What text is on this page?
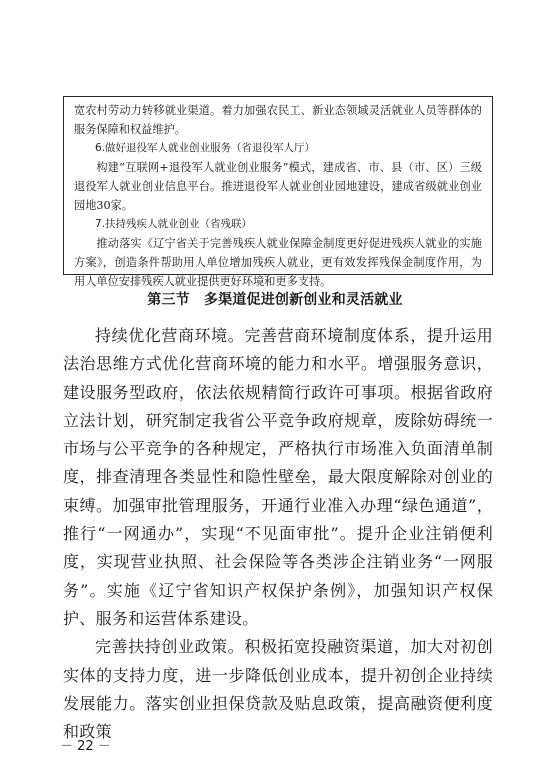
宽农村劳动力转移就业渠道。着力加强农民工、新业态领域灵活就业人员等群体的服务保障和权益维护。

6.做好退役军人就业创业服务（省退役军人厅）

构建“互联网+退役军人就业创业服务”模式，建成省、市、县（市、区）三级退役军人就业创业信息平台。推进退役军人就业创业园地建设，建成省级就业创业园地30家。

7.扶持残疾人就业创业（省残联）

推动落实《辽宁省关于完善残疾人就业保障金制度更好促进残疾人就业的实施方案》，创造条件帮助用人单位增加残疾人就业，更有效发挥残保金制度作用，为用人单位安排残疾人就业提供更好环境和更多支持。

第三节 多渠道促进创新创业和灵活就业

持续优化营商环境。完善营商环境制度体系，提升运用法治思维方式优化营商环境的能力和水平。增强服务意识，建设服务型政府，依法依规精简行政许可事项。根据省政府立法计划，研究制定我省公平竞争政府规章，废除妨碍统一市场与公平竞争的各种规定，严格执行市场准入负面清单制度，排查清理各类显性和隐性壁垒，最大限度解除对创业的束缚。加强审批管理服务，开通行业准入办理“绿色通道”，推行“一网通办”，实现“不见面审批”。提升企业注销便利度，实现营业执照、社会保险等各类涉企注销业务“一网服务”。实施《辽宁省知识产权保护条例》，加强知识产权保护、服务和运营体系建设。

完善扶持创业政策。积极拓宽投融资渠道，加大对初创实体的支持力度，进一步降低创业成本，提升初创企业持续发展能力。落实创业担保贷款及贴息政策，提高融资便利度和政策

－ 22 －
